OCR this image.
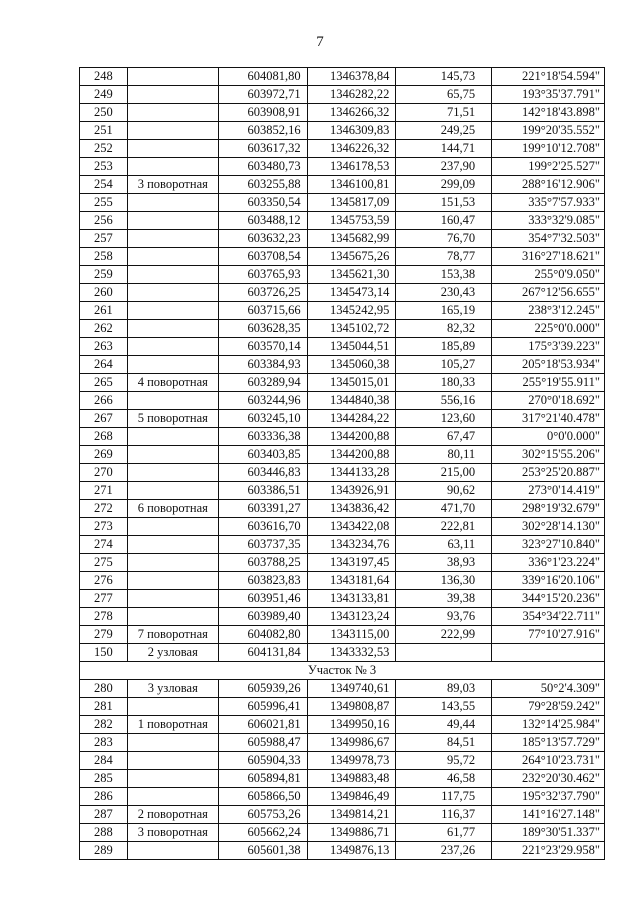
7
248		604081,80	1346378,84	145,73	221°18'54.594"
249		603972,71	1346282,22	65,75	193°35'37.791"
250		603908,91	1346266,32	71,51	142°18'43.898"
251		603852,16	1346309,83	249,25	199°20'35.552"
252		603617,32	1346226,32	144,71	199°10'12.708"
253		603480,73	1346178,53	237,90	199°2'25.527"
254	3 поворотная	603255,88	1346100,81	299,09	288°16'12.906"
255		603350,54	1345817,09	151,53	335°7'57.933"
256		603488,12	1345753,59	160,47	333°32'9.085"
257		603632,23	1345682,99	76,70	354°7'32.503"
258		603708,54	1345675,26	78,77	316°27'18.621"
259		603765,93	1345621,30	153,38	255°0'9.050"
260		603726,25	1345473,14	230,43	267°12'56.655"
261		603715,66	1345242,95	165,19	238°3'12.245"
262		603628,35	1345102,72	82,32	225°0'0.000"
263		603570,14	1345044,51	185,89	175°3'39.223"
264		603384,93	1345060,38	105,27	205°18'53.934"
265	4 поворотная	603289,94	1345015,01	180,33	255°19'55.911"
266		603244,96	1344840,38	556,16	270°0'18.692"
267	5 поворотная	603245,10	1344284,22	123,60	317°21'40.478"
268		603336,38	1344200,88	67,47	0°0'0.000"
269		603403,85	1344200,88	80,11	302°15'55.206"
270		603446,83	1344133,28	215,00	253°25'20.887"
271		603386,51	1343926,91	90,62	273°0'14.419"
272	6 поворотная	603391,27	1343836,42	471,70	298°19'32.679"
273		603616,70	1343422,08	222,81	302°28'14.130"
274		603737,35	1343234,76	63,11	323°27'10.840"
275		603788,25	1343197,45	38,93	336°1'23.224"
276		603823,83	1343181,64	136,30	339°16'20.106"
277		603951,46	1343133,81	39,38	344°15'20.236"
278		603989,40	1343123,24	93,76	354°34'22.711"
279	7 поворотная	604082,80	1343115,00	222,99	77°10'27.916"
150	2 узловая	604131,84	1343332,53		
Участок № 3					
280	3 узловая	605939,26	1349740,61	89,03	50°2'4.309"
281		605996,41	1349808,87	143,55	79°28'59.242"
282	1 поворотная	606021,81	1349950,16	49,44	132°14'25.984"
283		605988,47	1349986,67	84,51	185°13'57.729"
284		605904,33	1349978,73	95,72	264°10'23.731"
285		605894,81	1349883,48	46,58	232°20'30.462"
286		605866,50	1349846,49	117,75	195°32'37.790"
287	2 поворотная	605753,26	1349814,21	116,37	141°16'27.148"
288	3 поворотная	605662,24	1349886,71	61,77	189°30'51.337"
289		605601,38	1349876,13	237,26	221°23'29.958"
